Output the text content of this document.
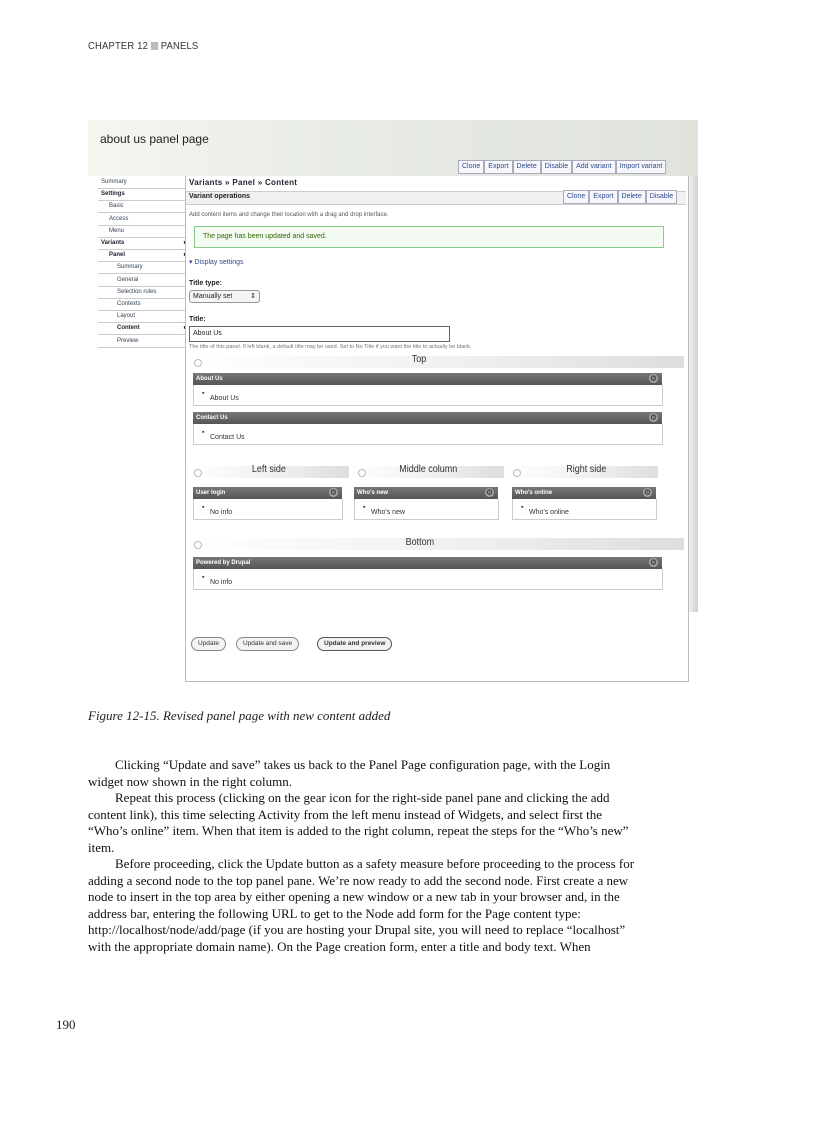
CHAPTER 12 PANELS
about us panel page
Clone	Export	Delete	Disable	Add variant	Import variant
Summary
Settings
Basic
Access
Menu
Variants
Panel
Summary
General
Selection rules
Contexts
Layout
Content
Preview
Variants » Panel » Content
Variant operations	Clone	Export	Delete	Disable
Add content items and change their location with a drag and drop interface.
The page has been updated and saved.
▾ Display settings
Title type:
Manually set	⇕
Title:
About Us
The title of this panel. If left blank, a default title may be used. Set to No Title if you want the title to actually be blank.
Top
About Us	⚙
▪
About Us
Contact Us	⚙
▪
Contact Us
Left side	Middle column	Right side
User login	⚙
▪
No info
Who's new	⚙
▪
Who's new
Who's online	⚙
▪
Who's online
Bottom
Powered by Drupal	⚙
▪
No info
Update	Update and save	Update and preview
Figure 12-15. Revised panel page with new content added
Clicking “Update and save” takes us back to the Panel Page configuration page, with the Login
widget now shown in the right column.
Repeat this process (clicking on the gear icon for the right-side panel pane and clicking the add
content link), this time selecting Activity from the left menu instead of Widgets, and select first the
“Who’s online” item. When that item is added to the right column, repeat the steps for the “Who’s new”
item.
Before proceeding, click the Update button as a safety measure before proceeding to the process for
adding a second node to the top panel pane. We’re now ready to add the second node. First create a new
node to insert in the top area by either opening a new window or a new tab in your browser and, in the
address bar, entering the following URL to get to the Node add form for the Page content type:
http://localhost/node/add/page (if you are hosting your Drupal site, you will need to replace “localhost”
with the appropriate domain name). On the Page creation form, enter a title and body text. When
190
